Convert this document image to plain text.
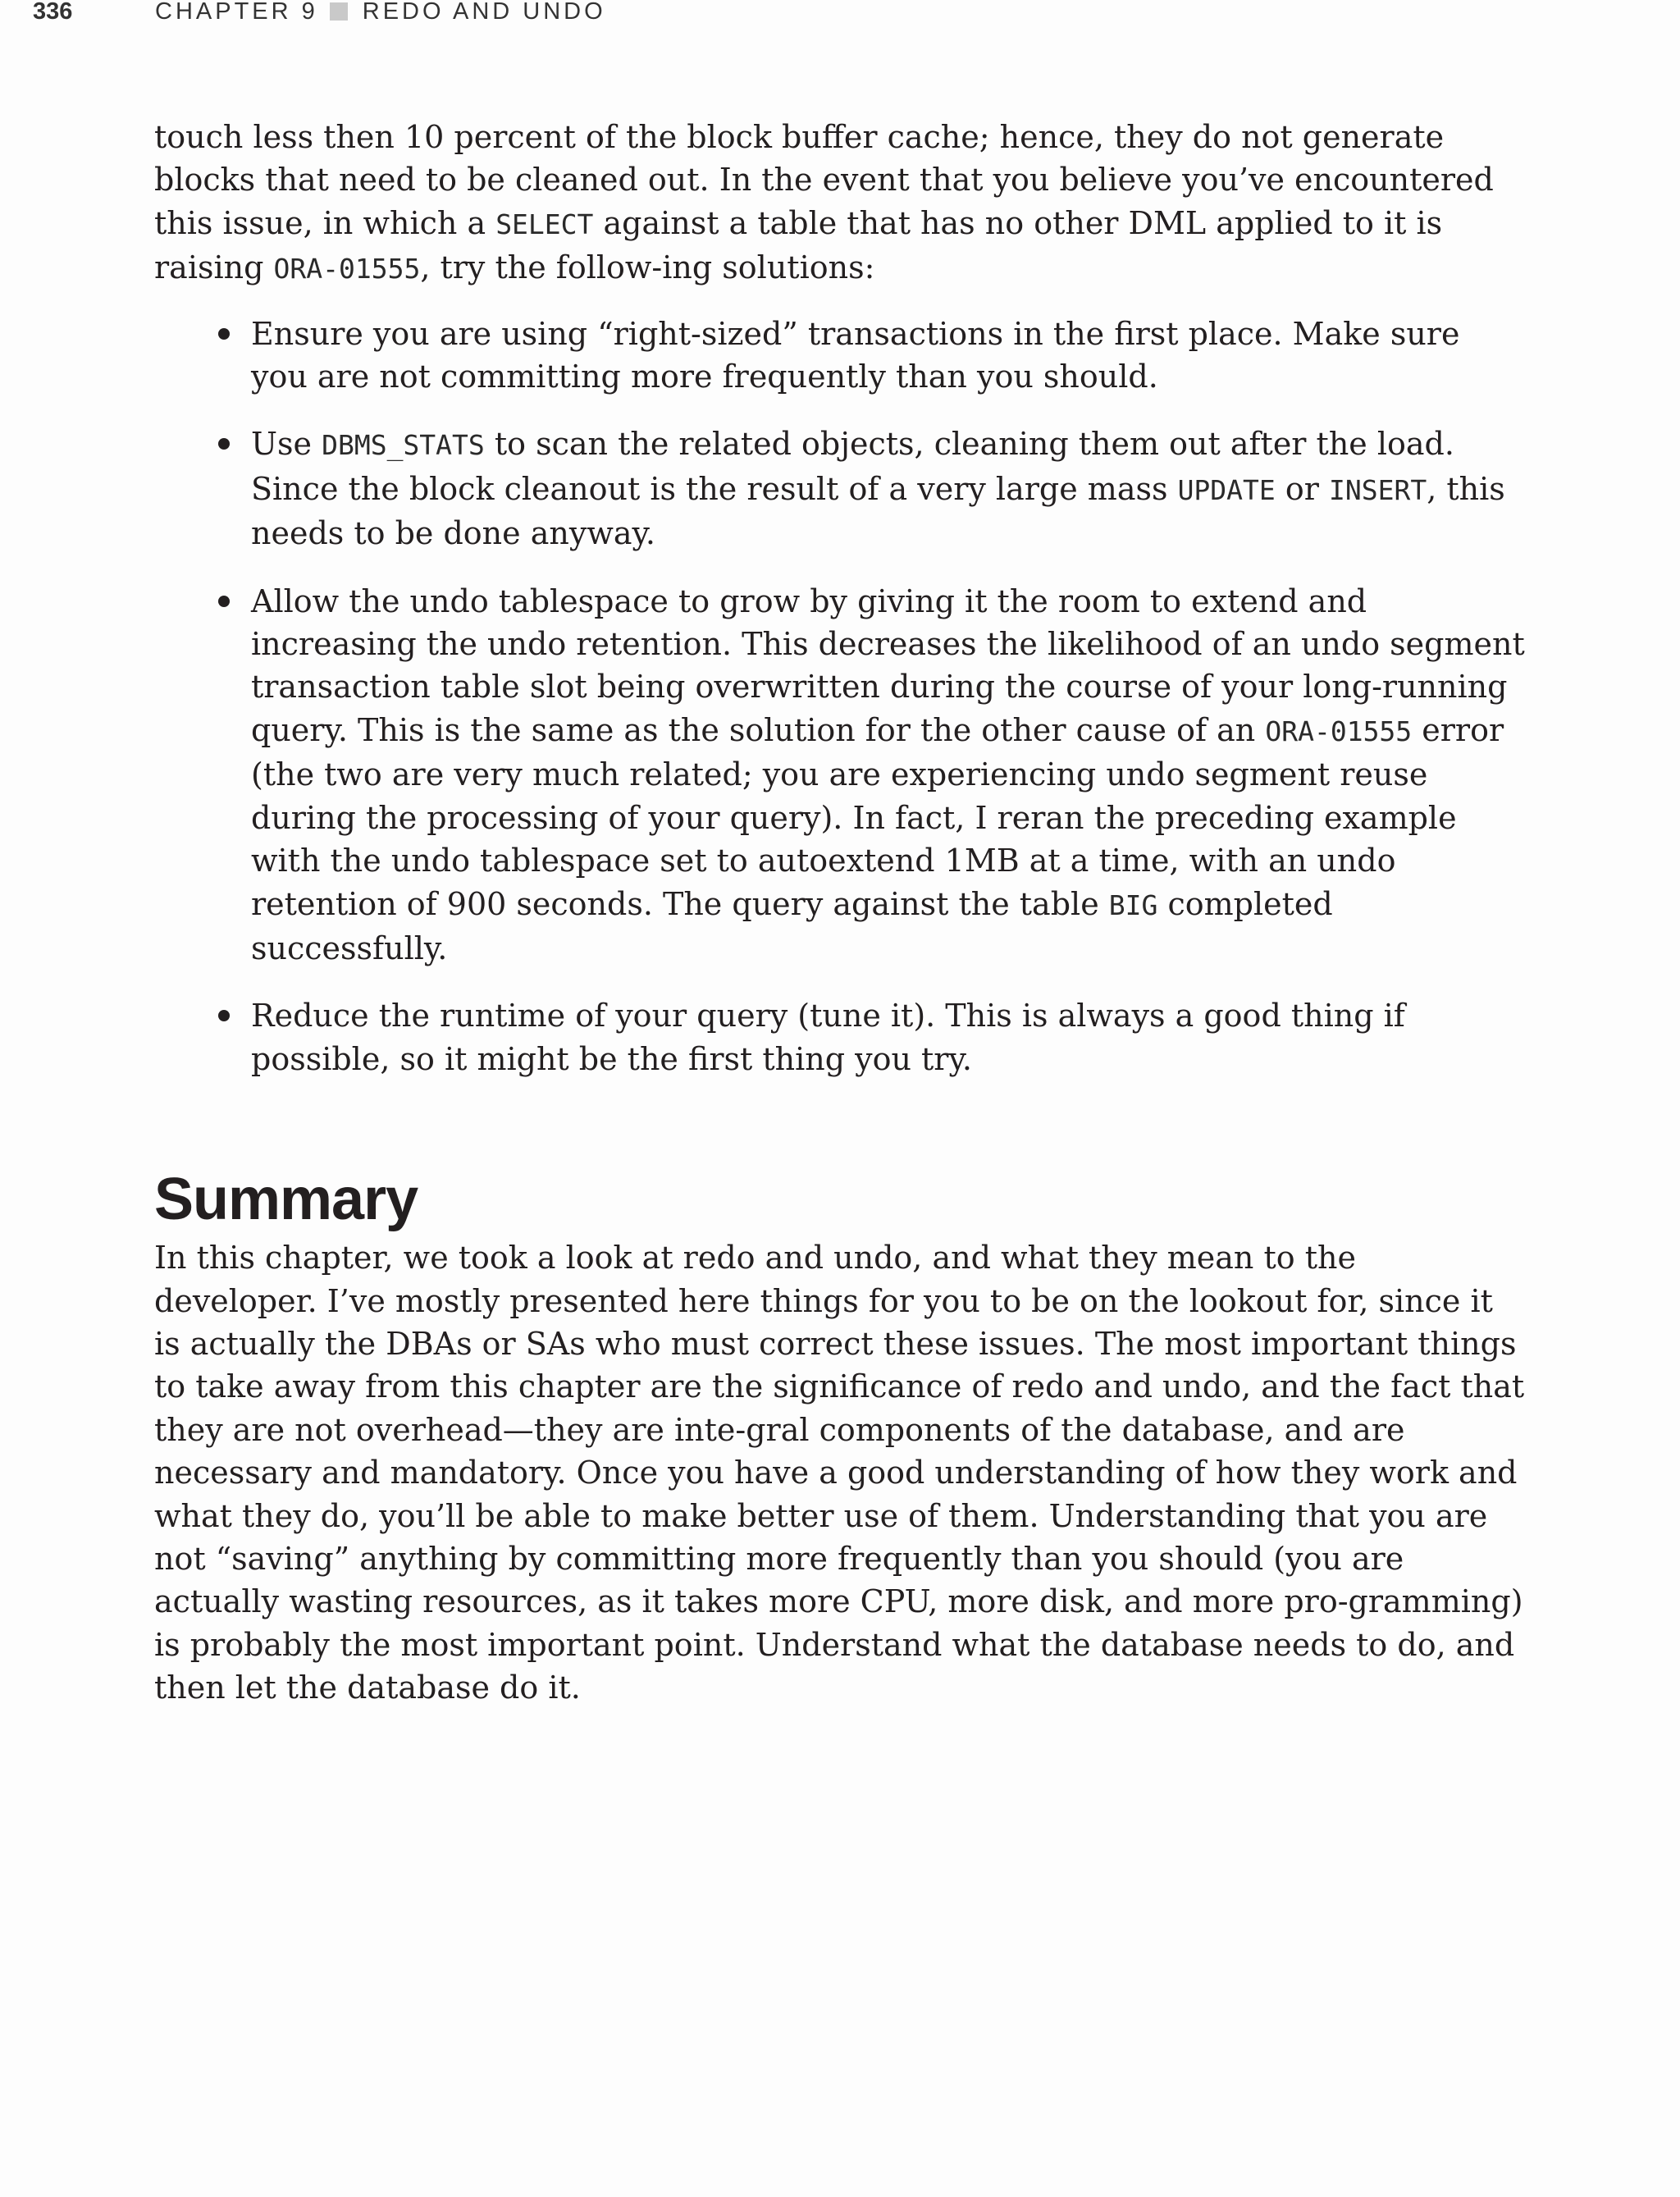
336	CHAPTER 9 REDO AND UNDO

touch less then 10 percent of the block buffer cache; hence, they do not generate blocks that need to be cleaned out. In the event that you believe you’ve encountered this issue, in which a SELECT against a table that has no other DML applied to it is raising ORA-01555, try the follow-ing solutions:

Ensure you are using “right-sized” transactions in the first place. Make sure you are not committing more frequently than you should.
Use DBMS_STATS to scan the related objects, cleaning them out after the load. Since the block cleanout is the result of a very large mass UPDATE or INSERT, this needs to be done anyway.
Allow the undo tablespace to grow by giving it the room to extend and increasing the undo retention. This decreases the likelihood of an undo segment transaction table slot being overwritten during the course of your long-running query. This is the same as the solution for the other cause of an ORA-01555 error (the two are very much related; you are experiencing undo segment reuse during the processing of your query). In fact, I reran the preceding example with the undo tablespace set to autoextend 1MB at a time, with an undo retention of 900 seconds. The query against the table BIG completed successfully.
Reduce the runtime of your query (tune it). This is always a good thing if possible, so it might be the first thing you try.
Summary

In this chapter, we took a look at redo and undo, and what they mean to the developer. I’ve mostly presented here things for you to be on the lookout for, since it is actually the DBAs or SAs who must correct these issues. The most important things to take away from this chapter are the significance of redo and undo, and the fact that they are not overhead—they are inte-gral components of the database, and are necessary and mandatory. Once you have a good understanding of how they work and what they do, you’ll be able to make better use of them. Understanding that you are not “saving” anything by committing more frequently than you should (you are actually wasting resources, as it takes more CPU, more disk, and more pro-gramming) is probably the most important point. Understand what the database needs to do, and then let the database do it.
